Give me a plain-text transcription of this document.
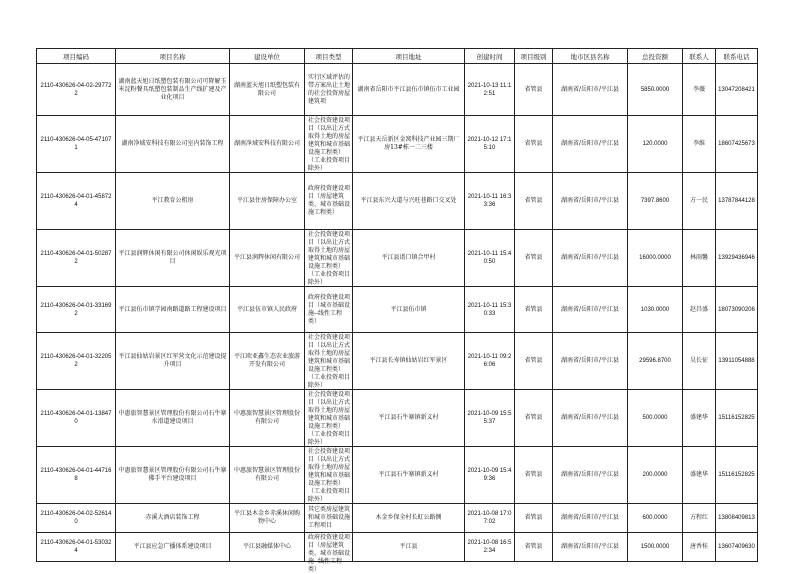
项目编码	项目名称	建设单位	项目类型	项目地址	创建时间	项目级别	地市区县名称	总投资额	联系人	联系电话

2110-430626-04-02-297722	湖南蓝天旭日纸塑包装有限公司可降解玉米淀粉餐具纸塑包装制品生产线扩建及产业化项目	湖南蓝天旭日纸塑包装有限公司	实行区域评估的带方案出让土地的社会投资房屋建筑项	湖南省岳阳市平江县伍市镇伍市工业园	2021-10-13 11:12:51	省管县	湖南省/岳阳市/平江县	5850.0000	李薇	13047208421

2110-430626-04-05-471071	湖南净域安科技有限公司室内装饰工程	湖南净域安科技有限公司	社会投资建设项目（以出让方式取得土地的房屋建筑和城市基础设施工程类）（工业投资项目除外）	平江县天岳新区金窝科技产业园三期厂房13#栋一二三楼	2021-10-12 17:15:10	省管县	湖南省/岳阳市/平江县	120.0000	李维	18607425673

2110-430626-04-01-458724	平江教育公租房	平江县住房保障办公室	政府投资建设项目（房屋建筑类、城市基础设施工程类）	平江县东兴大道与兴旺巷路口交叉处	2021-10-11 16:33:36	省管县	湖南省/岳阳市/平江县	7397.8600	方一民	13787844128

2110-430626-04-01-502872	平江县润辉休闲有限公司休闲娱乐观光项目	平江县润辉休闲有限公司	社会投资建设项目（以出让方式取得土地的房屋建筑和城市基础设施工程类）（工业投资项目除外）	平江县谱口镇合甲村	2021-10-11 15:40:50	省管县	湖南省/岳阳市/平江县	16000.0000	林雨馨	13929436946

2110-430626-04-01-331692	平江县伍市镇学园南路道路工程建设项目	平江县伍市镇人民政府	政府投资建设项目（城市基础设施--线性工程类）	平江县伍市镇	2021-10-11 15:30:33	省管县	湖南省/岳阳市/平江县	1030.0000	赵昌盛	18073090206

2110-430626-04-01-322052	平江县仙姑岩景区红军营文化示范建设提升项目	平江欧亚鑫生态农业旅游开发有限公司	社会投资建设项目（以出让方式取得土地的房屋建筑和城市基础设施工程类）（工业投资项目除外）	平江县长寿镇仙姑岩红军景区	2021-10-11 09:26:06	省管县	湖南省/岳阳市/平江县	29596.8700	吴长征	13911054888

2110-430626-04-01-138470	中惠旅智慧景区管理股份有限公司石牛寨水滑道建设项目	中惠旅智慧景区管理股份有限公司	社会投资建设项目（以出让方式取得土地的房屋建筑和城市基础设施工程类）（工业投资项目除外）	平江县石牛寨镇新义村	2021-10-09 15:55:37	省管县	湖南省/岳阳市/平江县	500.0000	盛建华	15116152825

2110-430626-04-01-447168	中惠旅智慧景区管理股份有限公司石牛寨佛手平台建设项目	中惠旅智慧景区管理股份有限公司	社会投资建设项目（以出让方式取得土地的房屋建筑和城市基础设施工程类）（工业投资项目除外）	平江县石牛寨镇新义村	2021-10-09 15:49:36	省管县	湖南省/岳阳市/平江县	200.0000	盛建华	15116152825

2110-430626-04-02-526140	赤溪大酒店装饰工程	平江县木金乡赤溪休闲购物中心	其它类房屋建筑和城市基础设施工程项目	木金乡保全村长虹公路侧	2021-10-08 17:07:02	省管县	湖南省/岳阳市/平江县	600.0000	方程红	13808409813

2110-430626-04-01-530324	平江县应急广播体系建设项目	平江县融媒体中心	政府投资建设项目（房屋建筑类、城市基础设施--线性工程类）	平江县	2021-10-08 16:52:34	省管县	湖南省/岳阳市/平江县	1500.0000	唐香桂	13607409630
